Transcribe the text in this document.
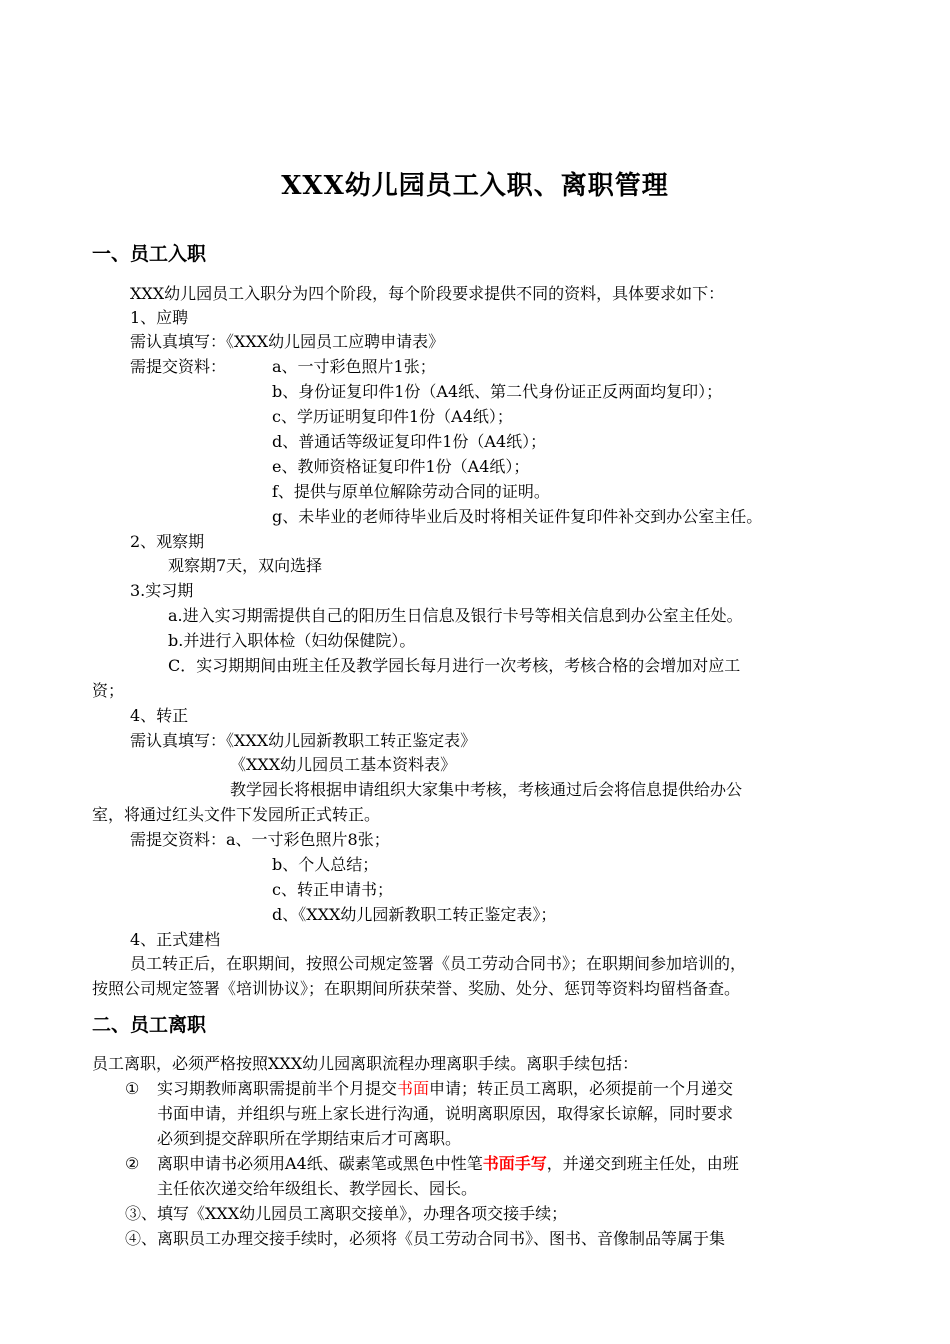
XXX幼儿园员工入职、离职管理
一、员工入职
XXX幼儿园员工入职分为四个阶段，每个阶段要求提供不同的资料，具体要求如下：
1、应聘
需认真填写：《XXX幼儿园员工应聘申请表》
需提交资料：	a、一寸彩色照片1张；
b、身份证复印件1份（A4纸、第二代身份证正反两面均复印）；
c、学历证明复印件1份（A4纸）；
d、普通话等级证复印件1份（A4纸）；
e、教师资格证复印件1份（A4纸）；
f、提供与原单位解除劳动合同的证明。
g、未毕业的老师待毕业后及时将相关证件复印件补交到办公室主任。
2、观察期
观察期7天，双向选择
3.实习期
a.进入实习期需提供自己的阳历生日信息及银行卡号等相关信息到办公室主任处。
b.并进行入职体检（妇幼保健院）。
C．实习期期间由班主任及教学园长每月进行一次考核，考核合格的会增加对应工
资；
4、转正
需认真填写：《XXX幼儿园新教职工转正鉴定表》
《XXX幼儿园员工基本资料表》
教学园长将根据申请组织大家集中考核，考核通过后会将信息提供给办公
室，将通过红头文件下发园所正式转正。
需提交资料：a、一寸彩色照片8张；
b、个人总结；
c、转正申请书；
d、《XXX幼儿园新教职工转正鉴定表》；
4、正式建档
员工转正后，在职期间，按照公司规定签署《员工劳动合同书》；在职期间参加培训的，
按照公司规定签署《培训协议》；在职期间所获荣誉、奖励、处分、惩罚等资料均留档备查。
二、员工离职
员工离职，必须严格按照XXX幼儿园离职流程办理离职手续。离职手续包括：
① 实习期教师离职需提前半个月提交书面申请；转正员工离职，必须提前一个月递交
书面申请，并组织与班上家长进行沟通，说明离职原因，取得家长谅解，同时要求
必须到提交辞职所在学期结束后才可离职。
② 离职申请书必须用A4纸、碳素笔或黑色中性笔书面手写，并递交到班主任处，由班
主任依次递交给年级组长、教学园长、园长。
③、填写《XXX幼儿园员工离职交接单》，办理各项交接手续；
④、离职员工办理交接手续时，必须将《员工劳动合同书》、图书、音像制品等属于集
